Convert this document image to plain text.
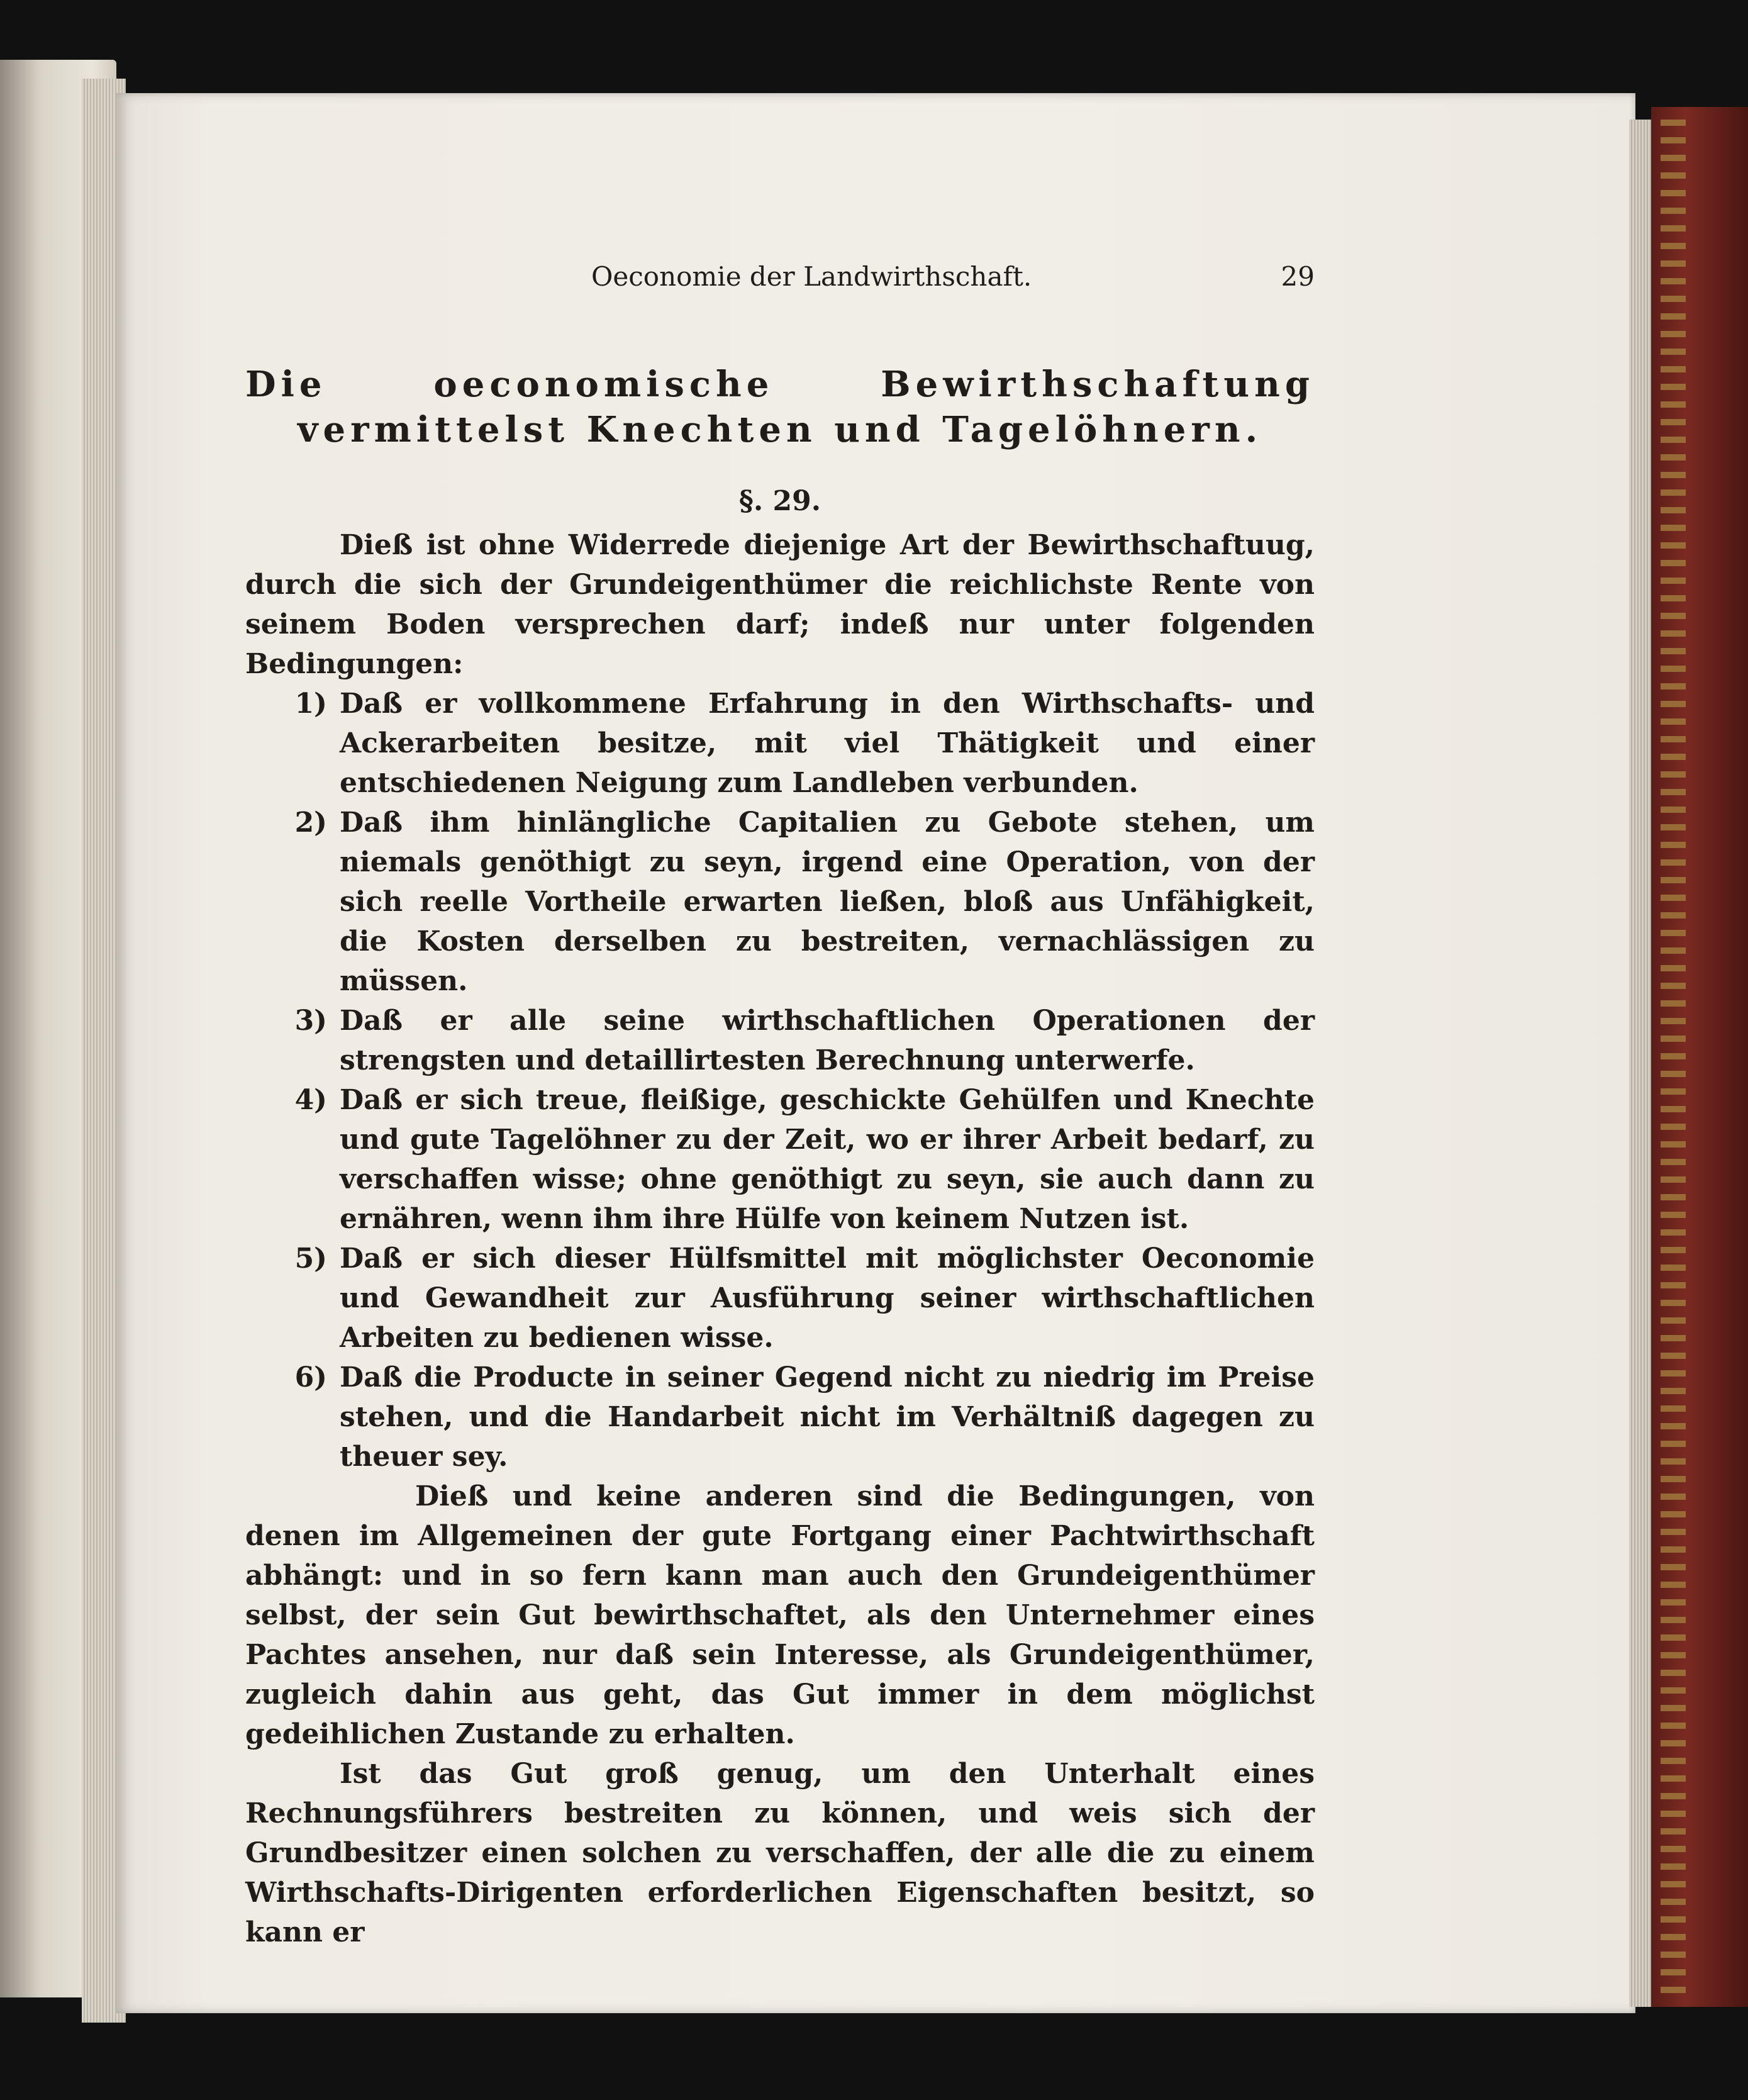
Oeconomie der Landwirthschaft.	29
Die oeconomische Bewirthschaftung vermittelst Knechten und Tagelöhnern.
§. 29.

Dieß ist ohne Widerrede diejenige Art der Bewirthschaftuug, durch die sich der Grundeigenthümer die reichlichste Rente von seinem Boden versprechen darf; indeß nur unter folgenden Bedingungen:

1) Daß er vollkommene Erfahrung in den Wirthschafts- und Ackerarbeiten besitze, mit viel Thätigkeit und einer entschiedenen Neigung zum Landleben verbunden.
2) Daß ihm hinlängliche Capitalien zu Gebote stehen, um niemals genöthigt zu seyn, irgend eine Operation, von der sich reelle Vortheile erwarten ließen, bloß aus Unfähigkeit, die Kosten derselben zu bestreiten, vernachlässigen zu müssen.
3) Daß er alle seine wirthschaftlichen Operationen der strengsten und detaillirtesten Berechnung unterwerfe.
4) Daß er sich treue, fleißige, geschickte Gehülfen und Knechte und gute Tagelöhner zu der Zeit, wo er ihrer Arbeit bedarf, zu verschaffen wisse; ohne genöthigt zu seyn, sie auch dann zu ernähren, wenn ihm ihre Hülfe von keinem Nutzen ist.
5) Daß er sich dieser Hülfsmittel mit möglichster Oeconomie und Gewandheit zur Ausführung seiner wirthschaftlichen Arbeiten zu bedienen wisse.
6) Daß die Producte in seiner Gegend nicht zu niedrig im Preise stehen, und die Handarbeit nicht im Verhältniß dagegen zu theuer sey.

Dieß und keine anderen sind die Bedingungen, von denen im Allgemeinen der gute Fortgang einer Pachtwirthschaft abhängt: und in so fern kann man auch den Grundeigenthümer selbst, der sein Gut bewirthschaftet, als den Unternehmer eines Pachtes ansehen, nur daß sein Interesse, als Grundeigenthümer, zugleich dahin aus geht, das Gut immer in dem möglichst gedeihlichen Zustande zu erhalten.

Ist das Gut groß genug, um den Unterhalt eines Rechnungsführers bestreiten zu können, und weis sich der Grundbesitzer einen solchen zu verschaffen, der alle die zu einem Wirthschafts-Dirigenten erforderlichen Eigenschaften besitzt, so kann er
